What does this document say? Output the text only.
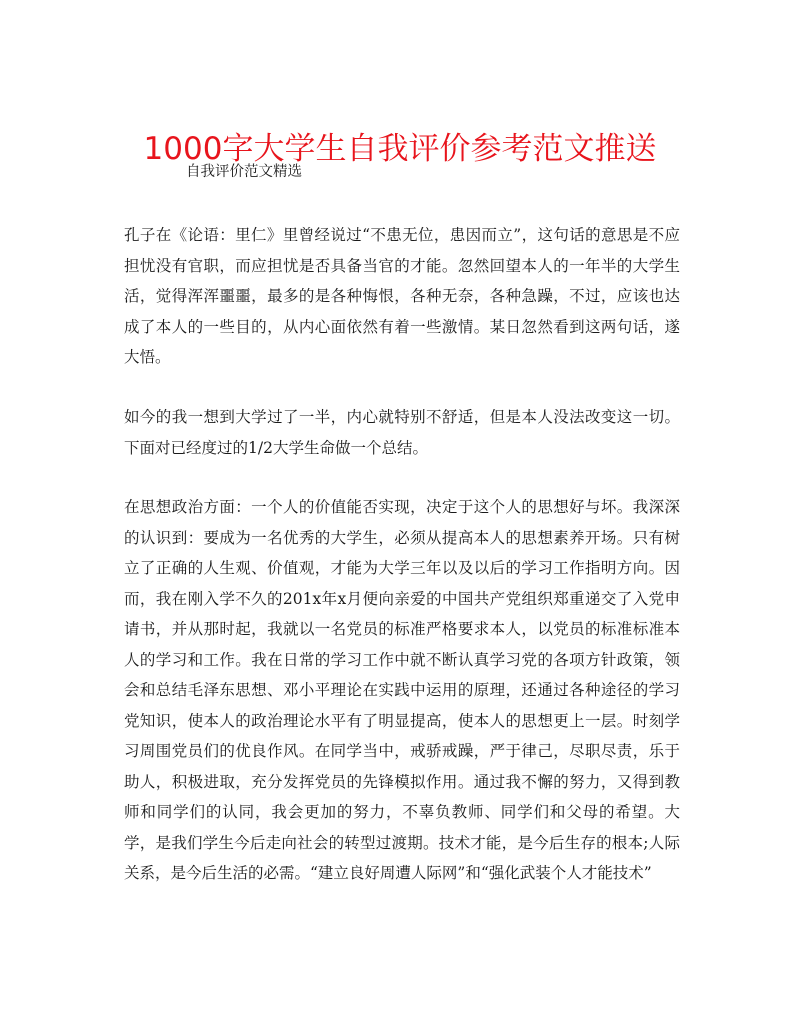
1000字大学生自我评价参考范文推送
自我评价范文精选

孔子在《论语：里仁》里曾经说过“不患无位，患因而立”，这句话的意思是不应担忧没有官职，而应担忧是否具备当官的才能。忽然回望本人的一年半的大学生活，觉得浑浑噩噩，最多的是各种悔恨，各种无奈，各种急躁，不过，应该也达成了本人的一些目的，从内心面依然有着一些激情。某日忽然看到这两句话，遂大悟。

如今的我一想到大学过了一半，内心就特别不舒适，但是本人没法改变这一切。下面对已经度过的1/2大学生命做一个总结。

在思想政治方面：一个人的价值能否实现，决定于这个人的思想好与坏。我深深的认识到：要成为一名优秀的大学生，必须从提高本人的思想素养开场。只有树立了正确的人生观、价值观，才能为大学三年以及以后的学习工作指明方向。因而，我在刚入学不久的201x年x月便向亲爱的中国共产党组织郑重递交了入党申请书，并从那时起，我就以一名党员的标准严格要求本人，以党员的标准标准本人的学习和工作。我在日常的学习工作中就不断认真学习党的各项方针政策，领会和总结毛泽东思想、邓小平理论在实践中运用的原理，还通过各种途径的学习党知识，使本人的政治理论水平有了明显提高，使本人的思想更上一层。时刻学习周围党员们的优良作风。在同学当中，戒骄戒躁，严于律己，尽职尽责，乐于助人，积极进取，充分发挥党员的先锋模拟作用。通过我不懈的努力，又得到教师和同学们的认同，我会更加的努力，不辜负教师、同学们和父母的希望。大学，是我们学生今后走向社会的转型过渡期。技术才能，是今后生存的根本;人际关系，是今后生活的必需。“建立良好周遭人际网”和“强化武装个人才能技术”
